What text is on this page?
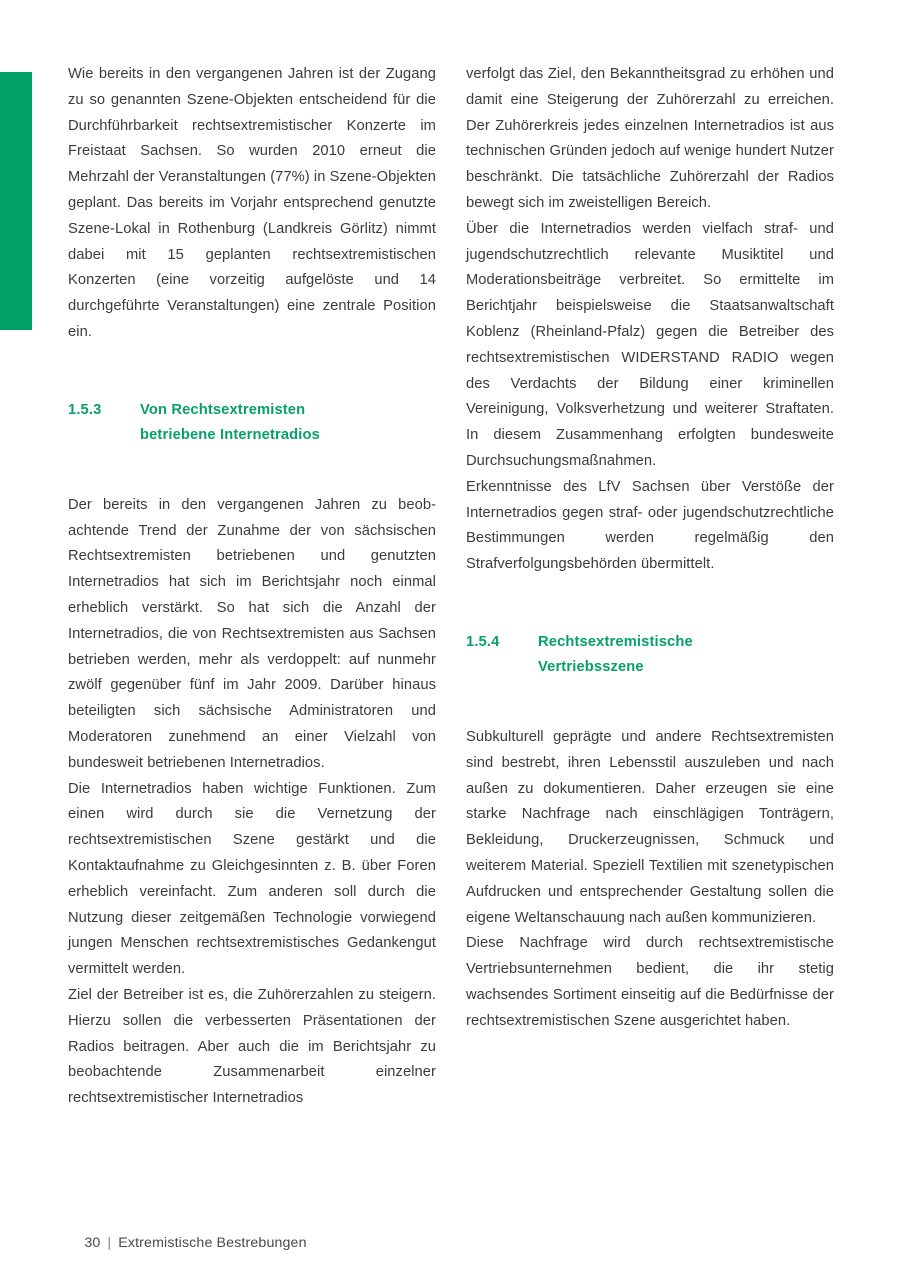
Wie bereits in den vergangenen Jahren ist der Zugang zu so genannten Szene-Objekten entscheidend für die Durchführbarkeit rechtsextremistischer Konzerte im Freistaat Sachsen. So wurden 2010 erneut die Mehrzahl der Veranstaltungen (77%) in Szene-Objekten geplant. Das bereits im Vorjahr entsprechend genutzte Szene-Lokal in Rothenburg (Landkreis Görlitz) nimmt dabei mit 15 geplanten rechtsextremistischen Konzerten (eine vorzeitig aufgelöste und 14 durchgeführte Veranstaltungen) eine zentrale Position ein.

1.5.3	Von Rechtsextremisten
betriebene Internetradios

Der bereits in den vergangenen Jahren zu beobachtende Trend der Zunahme der von sächsischen Rechtsextremisten betriebenen und genutzten Internetradios hat sich im Berichtsjahr noch einmal erheblich verstärkt. So hat sich die Anzahl der Internetradios, die von Rechtsextremisten aus Sachsen betrieben werden, mehr als verdoppelt: auf nunmehr zwölf gegenüber fünf im Jahr 2009. Darüber hinaus beteiligten sich sächsische Administratoren und Moderatoren zunehmend an einer Vielzahl von bundesweit betriebenen Internetradios.

Die Internetradios haben wichtige Funktionen. Zum einen wird durch sie die Vernetzung der rechtsextremistischen Szene gestärkt und die Kontaktaufnahme zu Gleichgesinnten z. B. über Foren erheblich vereinfacht. Zum anderen soll durch die Nutzung dieser zeitgemäßen Technologie vorwiegend jungen Menschen rechtsextremistisches Gedankengut vermittelt werden.

Ziel der Betreiber ist es, die Zuhörerzahlen zu steigern. Hierzu sollen die verbesserten Präsentationen der Radios beitragen. Aber auch die im Berichtsjahr zu beobachtende Zusammenarbeit einzelner rechtsextremistischer Internetradios

verfolgt das Ziel, den Bekanntheitsgrad zu erhöhen und damit eine Steigerung der Zuhörerzahl zu erreichen. Der Zuhörerkreis jedes einzelnen Internetradios ist aus technischen Gründen jedoch auf wenige hundert Nutzer beschränkt. Die tatsächliche Zuhörerzahl der Radios bewegt sich im zweistelligen Bereich.

Über die Internetradios werden vielfach straf- und jugendschutzrechtlich relevante Musiktitel und Moderationsbeiträge verbreitet. So ermittelte im Berichtjahr beispielsweise die Staatsanwaltschaft Koblenz (Rheinland-Pfalz) gegen die Betreiber des rechtsextremistischen WIDERSTAND RADIO wegen des Verdachts der Bildung einer kriminellen Vereinigung, Volksverhetzung und weiterer Straftaten. In diesem Zusammenhang erfolgten bundesweite Durchsuchungsmaßnahmen.

Erkenntnisse des LfV Sachsen über Verstöße der Internetradios gegen straf- oder jugendschutzrechtliche Bestimmungen werden regelmäßig den Strafverfolgungsbehörden übermittelt.

1.5.4	Rechtsextremistische
Vertriebsszene

Subkulturell geprägte und andere Rechtsextremisten sind bestrebt, ihren Lebensstil auszuleben und nach außen zu dokumentieren. Daher erzeugen sie eine starke Nachfrage nach einschlägigen Tonträgern, Bekleidung, Druckerzeugnissen, Schmuck und weiterem Material. Speziell Textilien mit szenetypischen Aufdrucken und entsprechender Gestaltung sollen die eigene Weltanschauung nach außen kommunizieren.

Diese Nachfrage wird durch rechtsextremistische Vertriebsunternehmen bedient, die ihr stetig wachsendes Sortiment einseitig auf die Bedürfnisse der rechtsextremistischen Szene ausgerichtet haben.

30 | Extremistische Bestrebungen
